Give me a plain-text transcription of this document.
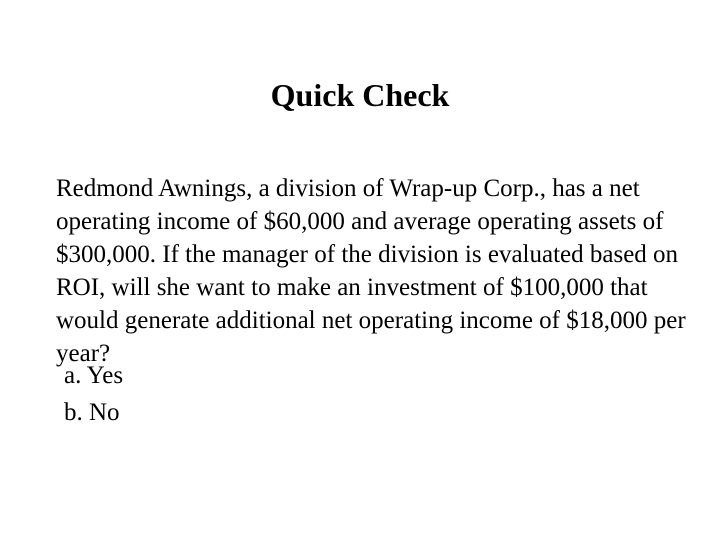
Quick Check

Redmond Awnings, a division of Wrap-up Corp., has a net operating income of $60,000 and average operating assets of $300,000. If the manager of the division is evaluated based on ROI, will she want to make an investment of $100,000 that would generate additional net operating income of $18,000 per year?

a. Yes
b. No
